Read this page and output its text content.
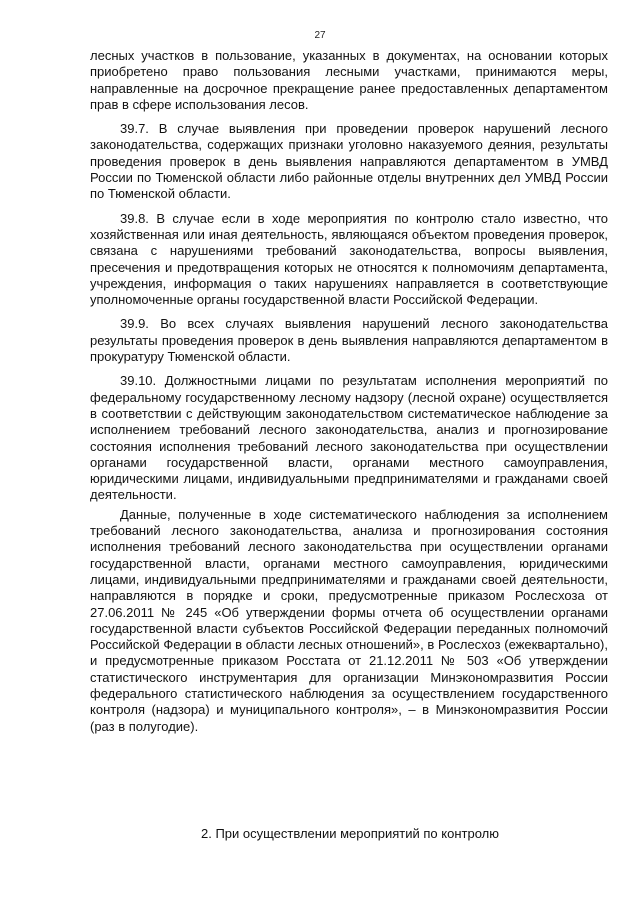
27

лесных участков в пользование, указанных в документах, на основании которых приобретено право пользования лесными участками, принимаются меры, направленные на досрочное прекращение ранее предоставленных департаментом прав в сфере использования лесов.

39.7. В случае выявления при проведении проверок нарушений лесного законодательства, содержащих признаки уголовно наказуемого деяния, результаты проведения проверок в день выявления направляются департаментом в УМВД России по Тюменской области либо районные отделы внутренних дел УМВД России по Тюменской области.

39.8. В случае если в ходе мероприятия по контролю стало известно, что хозяйственная или иная деятельность, являющаяся объектом проведения проверок, связана с нарушениями требований законодательства, вопросы выявления, пресечения и предотвращения которых не относятся к полномочиям департамента, учреждения, информация о таких нарушениях направляется в соответствующие уполномоченные органы государственной власти Российской Федерации.

39.9. Во всех случаях выявления нарушений лесного законодательства результаты проведения проверок в день выявления направляются департаментом в прокуратуру Тюменской области.

39.10. Должностными лицами по результатам исполнения мероприятий по федеральному государственному лесному надзору (лесной охране) осуществляется в соответствии с действующим законодательством систематическое наблюдение за исполнением требований лесного законодательства, анализ и прогнозирование состояния исполнения требований лесного законодательства при осуществлении органами государственной власти, органами местного самоуправления, юридическими лицами, индивидуальными предпринимателями и гражданами своей деятельности.

Данные, полученные в ходе систематического наблюдения за исполнением требований лесного законодательства, анализа и прогнозирования состояния исполнения требований лесного законодательства при осуществлении органами государственной власти, органами местного самоуправления, юридическими лицами, индивидуальными предпринимателями и гражданами своей деятельности, направляются в порядке и сроки, предусмотренные приказом Рослесхоза от 27.06.2011 № 245 «Об утверждении формы отчета об осуществлении органами государственной власти субъектов Российской Федерации переданных полномочий Российской Федерации в области лесных отношений», в Рослесхоз (ежеквартально), и предусмотренные приказом Росстата от 21.12.2011 № 503 «Об утверждении статистического инструментария для организации Минэкономразвития России федерального статистического наблюдения за осуществлением государственного контроля (надзора) и муниципального контроля», – в Минэкономразвития России (раз в полугодие).

2. При осуществлении мероприятий по контролю
